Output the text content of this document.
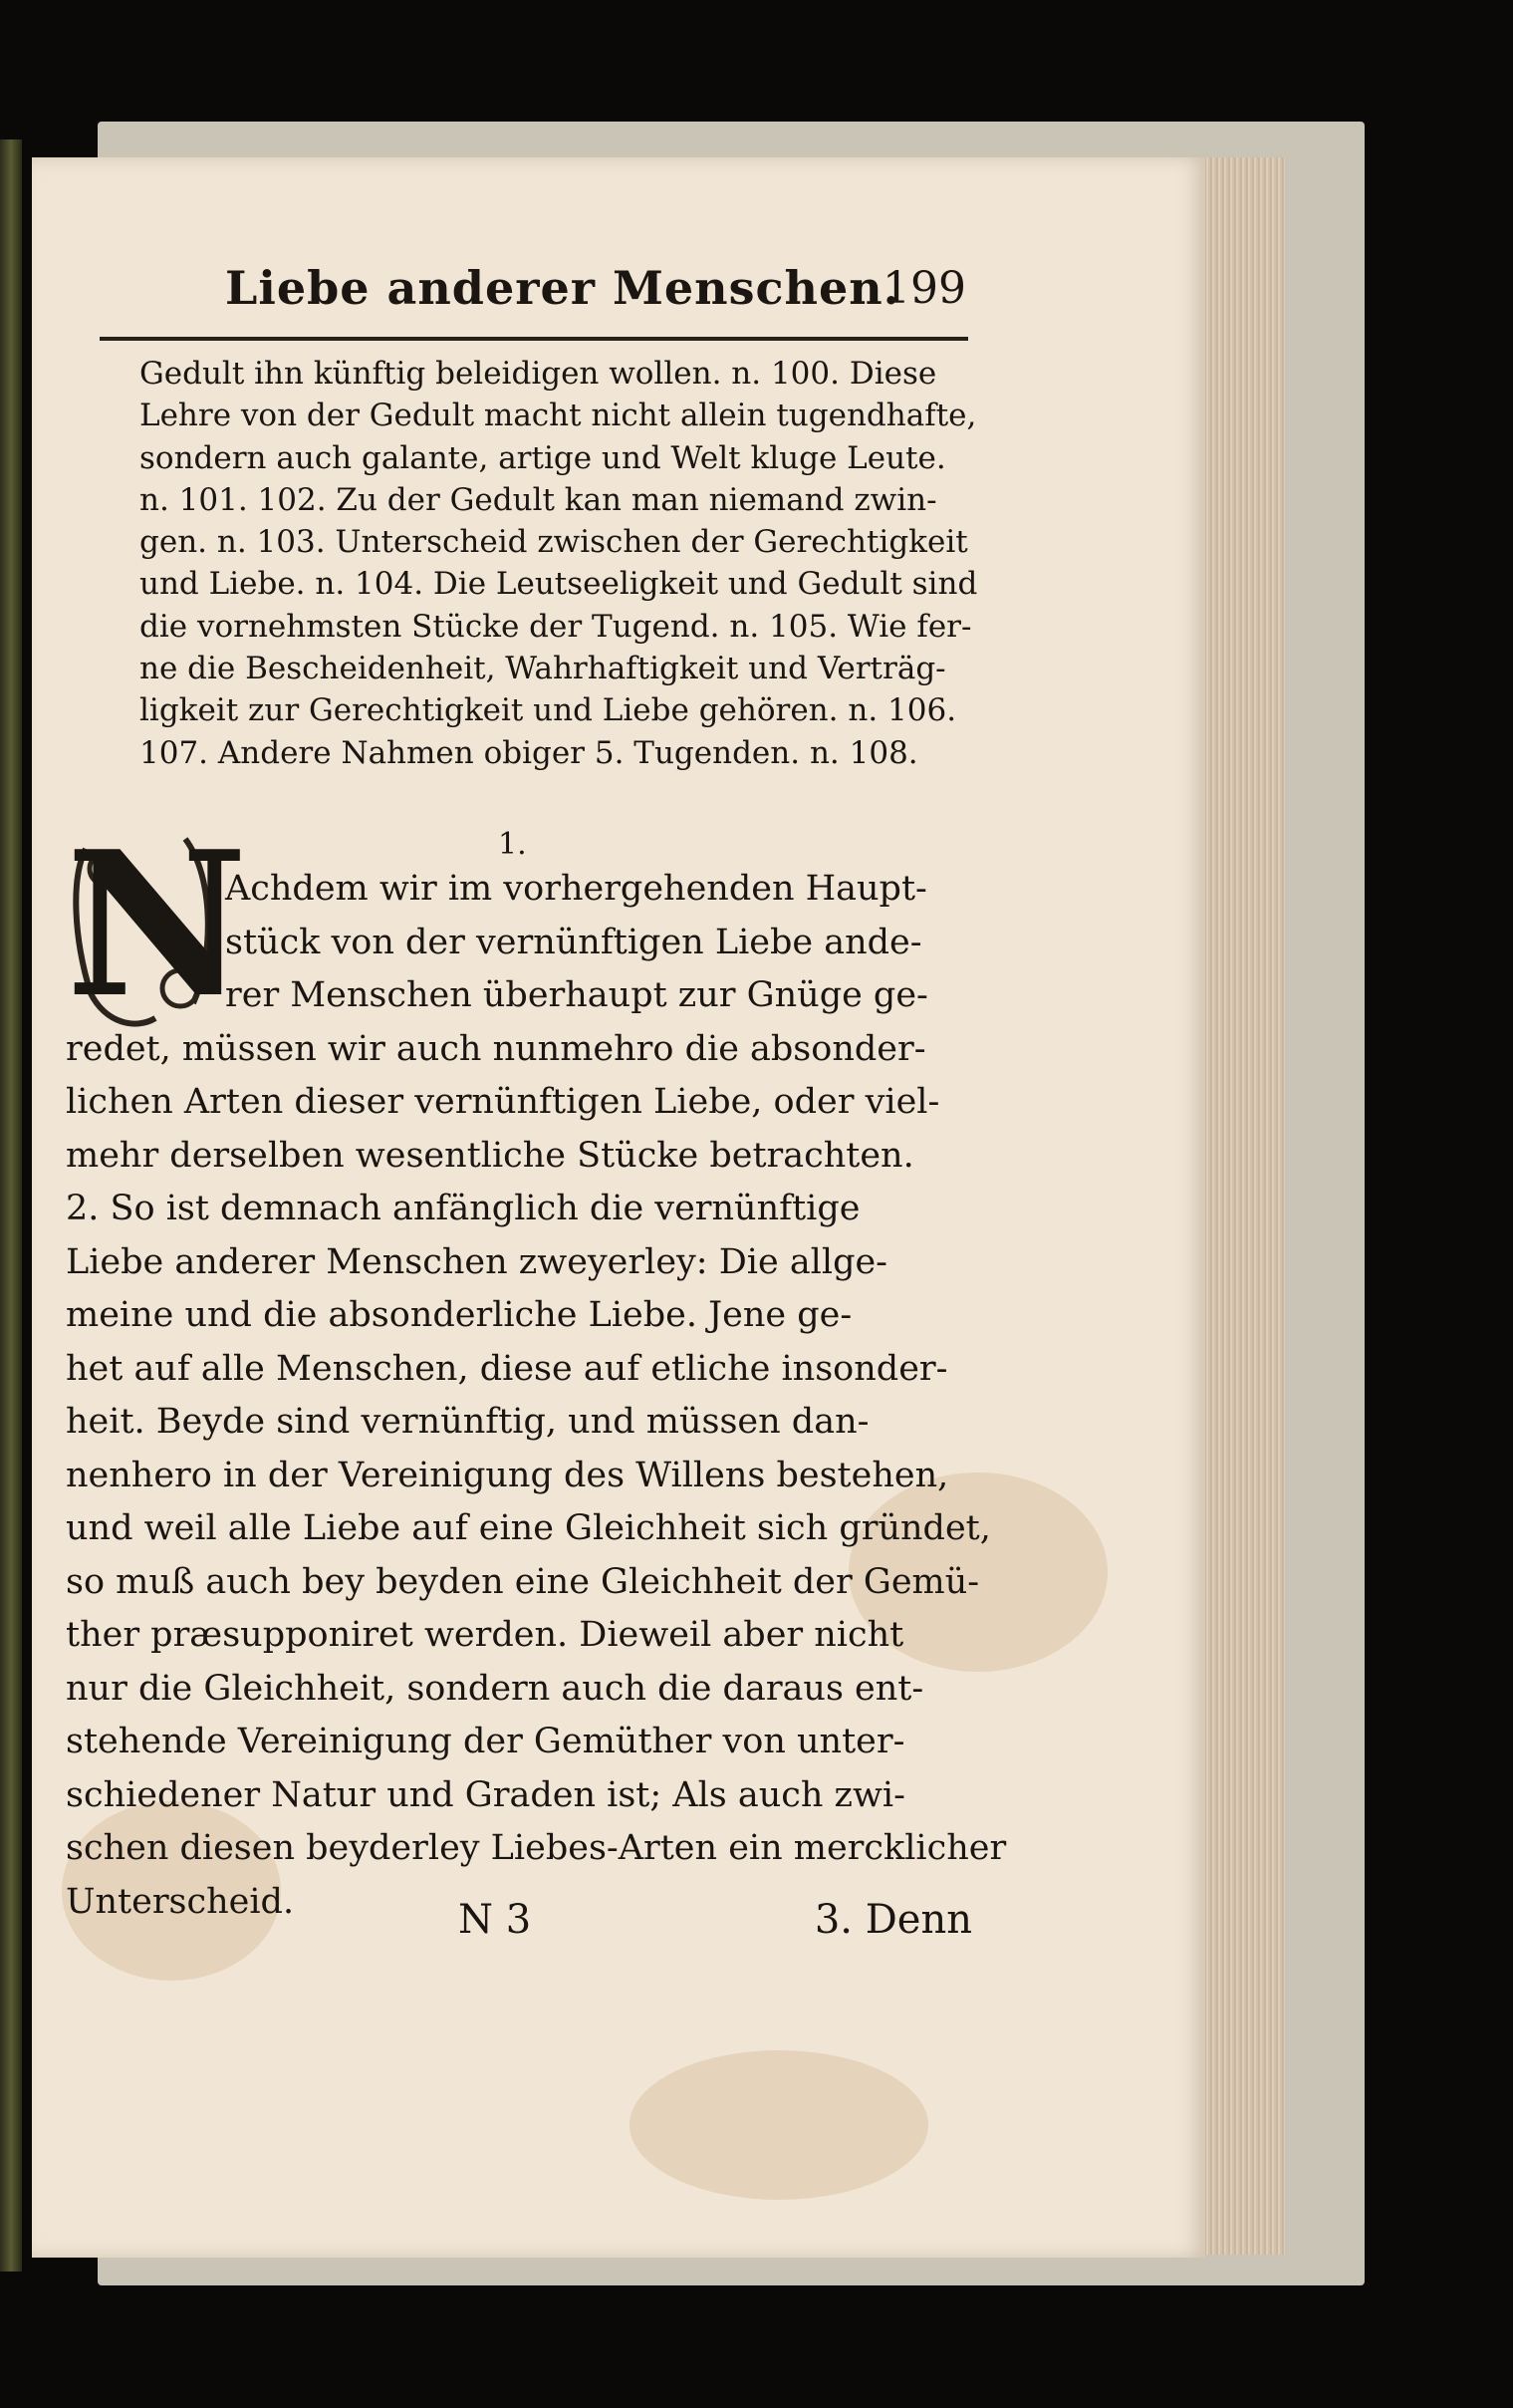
Liebe anderer Menschen.
199
Gedult ihn künftig beleidigen wollen. n. 100. Diese
Lehre von der Gedult macht nicht allein tugendhafte,
sondern auch galante, artige und Welt kluge Leute.
n. 101. 102. Zu der Gedult kan man niemand zwin-
gen. n. 103. Unterscheid zwischen der Gerechtigkeit
und Liebe. n. 104. Die Leutseeligkeit und Gedult sind
die vornehmsten Stücke der Tugend. n. 105. Wie fer-
ne die Bescheidenheit, Wahrhaftigkeit und Verträg-
ligkeit zur Gerechtigkeit und Liebe gehören. n. 106.
107. Andere Nahmen obiger 5. Tugenden. n. 108.
1.
N
Achdem wir im vorhergehenden Haupt-
stück von der vernünftigen Liebe ande-
rer Menschen überhaupt zur Gnüge ge-
redet, müssen wir auch nunmehro die absonder-
lichen Arten dieser vernünftigen Liebe, oder viel-
mehr derselben wesentliche Stücke betrachten.
2. So ist demnach anfänglich die vernünftige
Liebe anderer Menschen zweyerley: Die allge-
meine und die absonderliche Liebe. Jene ge-
het auf alle Menschen, diese auf etliche insonder-
heit. Beyde sind vernünftig, und müssen dan-
nenhero in der Vereinigung des Willens bestehen,
und weil alle Liebe auf eine Gleichheit sich gründet,
so muß auch bey beyden eine Gleichheit der Gemü-
ther præsupponiret werden. Dieweil aber nicht
nur die Gleichheit, sondern auch die daraus ent-
stehende Vereinigung der Gemüther von unter-
schiedener Natur und Graden ist; Als auch zwi-
schen diesen beyderley Liebes-Arten ein mercklicher
Unterscheid.	N 3	3. Denn
